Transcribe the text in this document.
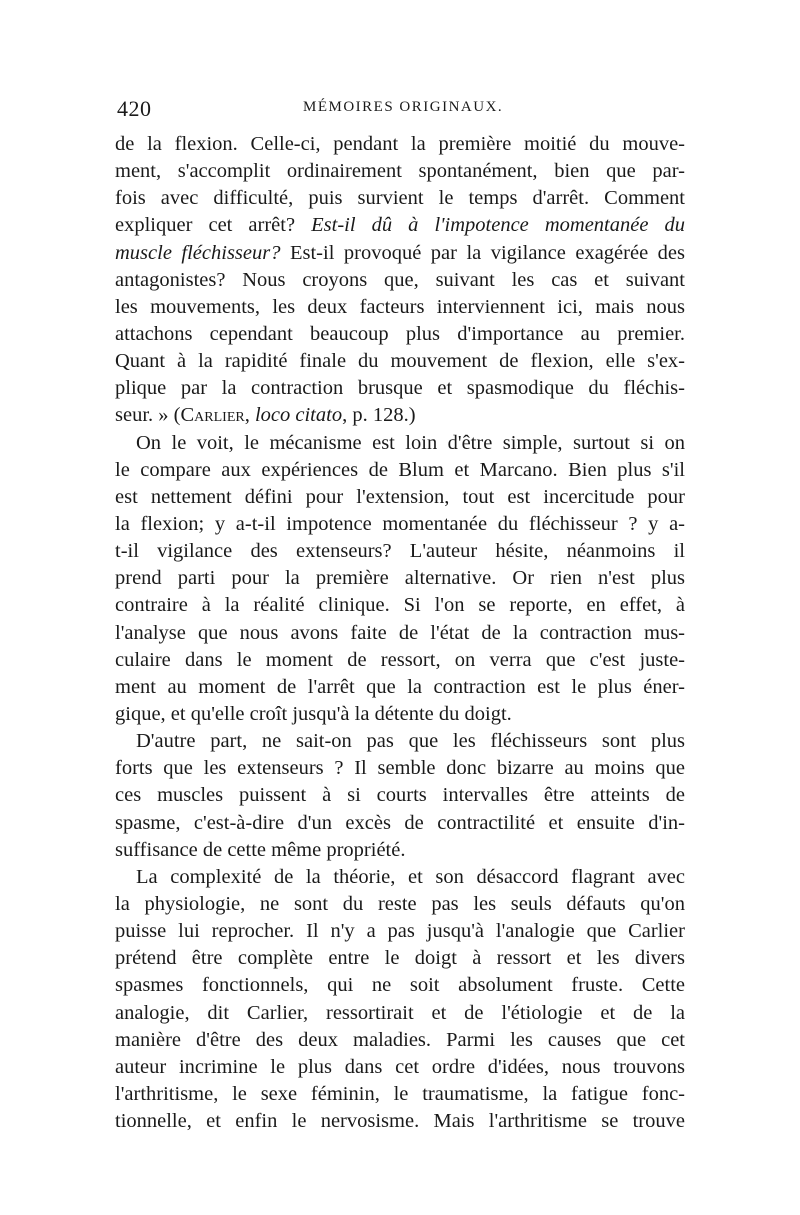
420	MÉMOIRES ORIGINAUX.
de la flexion. Celle-ci, pendant la première moitié du mouve-
ment, s'accomplit ordinairement spontanément, bien que par-
fois avec difficulté, puis survient le temps d'arrêt. Comment
expliquer cet arrêt? Est-il dû à l'impotence momentanée du
muscle fléchisseur? Est-il provoqué par la vigilance exagérée des
antagonistes? Nous croyons que, suivant les cas et suivant
les mouvements, les deux facteurs interviennent ici, mais nous
attachons cependant beaucoup plus d'importance au premier.
Quant à la rapidité finale du mouvement de flexion, elle s'ex-
plique par la contraction brusque et spasmodique du fléchis-
seur. » (Carlier, loco citato, p. 128.)
On le voit, le mécanisme est loin d'être simple, surtout si on
le compare aux expériences de Blum et Marcano. Bien plus s'il
est nettement défini pour l'extension, tout est incercitude pour
la flexion; y a-t-il impotence momentanée du fléchisseur ? y a-
t-il vigilance des extenseurs? L'auteur hésite, néanmoins il
prend parti pour la première alternative. Or rien n'est plus
contraire à la réalité clinique. Si l'on se reporte, en effet, à
l'analyse que nous avons faite de l'état de la contraction mus-
culaire dans le moment de ressort, on verra que c'est juste-
ment au moment de l'arrêt que la contraction est le plus éner-
gique, et qu'elle croît jusqu'à la détente du doigt.
D'autre part, ne sait-on pas que les fléchisseurs sont plus
forts que les extenseurs ? Il semble donc bizarre au moins que
ces muscles puissent à si courts intervalles être atteints de
spasme, c'est-à-dire d'un excès de contractilité et ensuite d'in-
suffisance de cette même propriété.
La complexité de la théorie, et son désaccord flagrant avec
la physiologie, ne sont du reste pas les seuls défauts qu'on
puisse lui reprocher. Il n'y a pas jusqu'à l'analogie que Carlier
prétend être complète entre le doigt à ressort et les divers
spasmes fonctionnels, qui ne soit absolument fruste. Cette
analogie, dit Carlier, ressortirait et de l'étiologie et de la
manière d'être des deux maladies. Parmi les causes que cet
auteur incrimine le plus dans cet ordre d'idées, nous trouvons
l'arthritisme, le sexe féminin, le traumatisme, la fatigue fonc-
tionnelle, et enfin le nervosisme. Mais l'arthritisme se trouve
